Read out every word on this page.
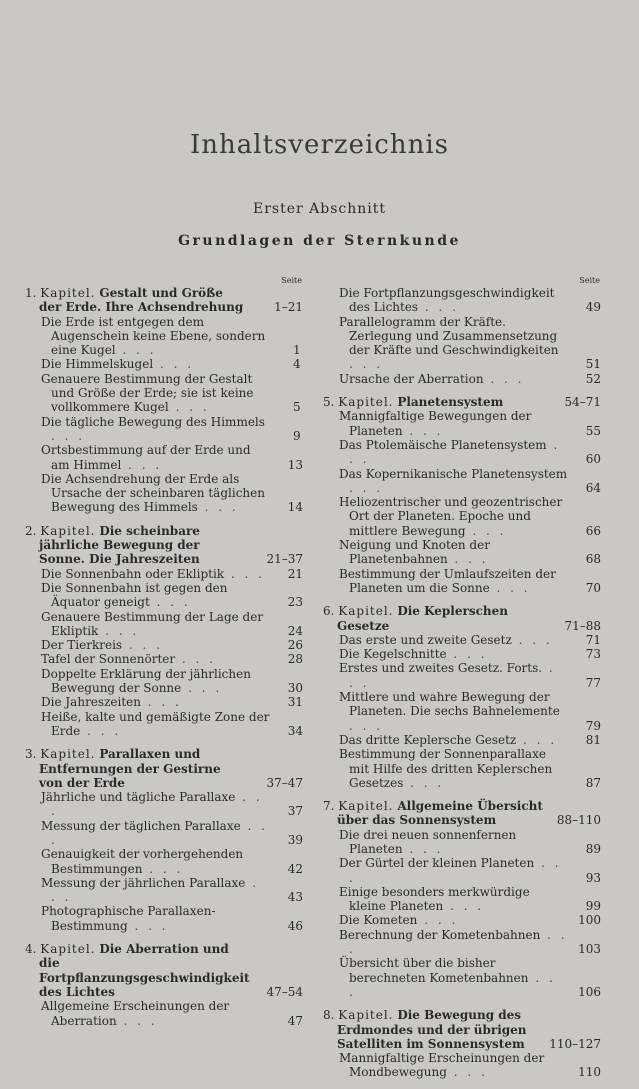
Inhaltsverzeichnis
Erster Abschnitt
Grundlagen der Sternkunde
Seite
1. Kapitel. Gestalt und Größe der Erde. Ihre Achsendrehung	1–21
Die Erde ist entgegen dem Augenschein keine Ebene, sondern eine Kugel . . .	1
Die Himmelskugel . . .	4
Genauere Bestimmung der Gestalt und Größe der Erde; sie ist keine vollkommere Kugel . . .	5
Die tägliche Bewegung des Himmels . . .	9
Ortsbestimmung auf der Erde und am Himmel . . .	13
Die Achsendrehung der Erde als Ursache der scheinbaren täglichen Bewegung des Himmels . . .	14
2. Kapitel. Die scheinbare jährliche Bewegung der Sonne. Die Jahreszeiten	21–37
Die Sonnenbahn oder Ekliptik . . . 21
Die Sonnenbahn ist gegen den Äquator geneigt . . .	23
Genauere Bestimmung der Lage der Ekliptik . . .	24
Der Tierkreis . . .	26
Tafel der Sonnenörter . . .	28
Doppelte Erklärung der jährlichen Bewegung der Sonne . . .	30
Die Jahreszeiten . . .	31
Heiße, kalte und gemäßigte Zone der Erde . . .	34
3. Kapitel. Parallaxen und Entfernungen der Gestirne von der Erde	37–47
Jährliche und tägliche Parallaxe . . .	37
Messung der täglichen Parallaxe . . .	39
Genauigkeit der vorhergehenden Bestimmungen . . .	42
Messung der jährlichen Parallaxe . . .	43
Photographische Parallaxen-Bestimmung . . .	46
4. Kapitel. Die Aberration und die Fortpflanzungsgeschwindigkeit des Lichtes	47–54
Allgemeine Erscheinungen der Aberration . . .	47
Seite
Die Fortpflanzungsgeschwindigkeit des Lichtes . . .	49
Parallelogramm der Kräfte. Zerlegung und Zusammensetzung der Kräfte und Geschwindigkeiten . . .	51
Ursache der Aberration . . .	52
5. Kapitel. Planetensystem	54–71
Mannigfaltige Bewegungen der Planeten . . .	55
Das Ptolemäische Planetensystem . . .	60
Das Kopernikanische Planetensystem . . .	64
Heliozentrischer und geozentrischer Ort der Planeten. Epoche und mittlere Bewegung . . .	66
Neigung und Knoten der Planetenbahnen . . .	68
Bestimmung der Umlaufszeiten der Planeten um die Sonne . . .	70
6. Kapitel. Die Keplerschen Gesetze	71–88
Das erste und zweite Gesetz . . .	71
Die Kegelschnitte . . .	73
Erstes und zweites Gesetz. Forts. . . .	77
Mittlere und wahre Bewegung der Planeten. Die sechs Bahnelemente . . .	79
Das dritte Keplersche Gesetz . . . 81
Bestimmung der Sonnenparallaxe mit Hilfe des dritten Keplerschen Gesetzes . . .	87
7. Kapitel. Allgemeine Übersicht über das Sonnensystem	88–110
Die drei neuen sonnenfernen Planeten . . .	89
Der Gürtel der kleinen Planeten . . .	93
Einige besonders merkwürdige kleine Planeten . . .	99
Die Kometen . . .	100
Berechnung der Kometenbahnen . . .	103
Übersicht über die bisher berechneten Kometenbahnen . . .	106
8. Kapitel. Die Bewegung des Erdmondes und der übrigen Satelliten im Sonnensystem 110–127
Mannigfaltige Erscheinungen der Mondbewegung . . .	110
